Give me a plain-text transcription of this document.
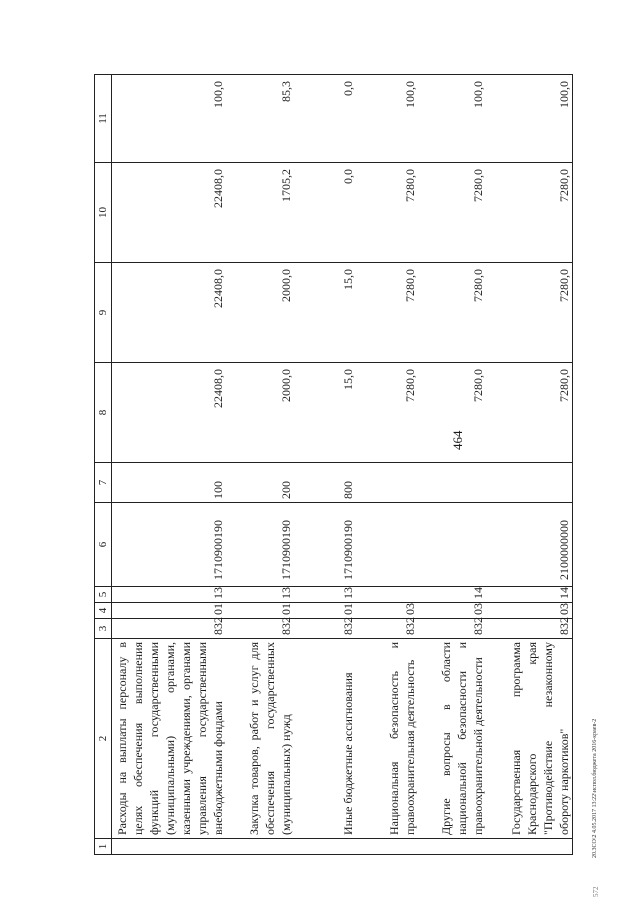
464
20.3СО\2 4.05.2017 13:22\испол.бюджета 2016-краев-2
572
1	2	3	4	5	6	7	8	9	10	11
	Расходы на выплаты персоналу в целях обеспечения выполнения функций государственными (муниципальными) органами, казенными учреждениями, органами управления государственными внебюджетными фондами	832	01	13	1710900190	100	22408,0	22408,0	22408,0	100,0
	Закупка товаров, работ и услуг для обеспечения государственных (муниципальных) нужд	832	01	13	1710900190	200	2000,0	2000,0	1705,2	85,3
	Иные бюджетные ассигнования	832	01	13	1710900190	800	15,0	15,0	0,0	0,0
	Национальная безопасность и правоохранительная деятельность	832	03				7280,0	7280,0	7280,0	100,0
	Другие вопросы в области национальной безопасности и правоохранительной деятельности	832	03	14			7280,0	7280,0	7280,0	100,0
	Государственная программа Краснодарского края "Противодействие незаконному обороту наркотиков"	832	03	14	2100000000		7280,0	7280,0	7280,0	100,0
